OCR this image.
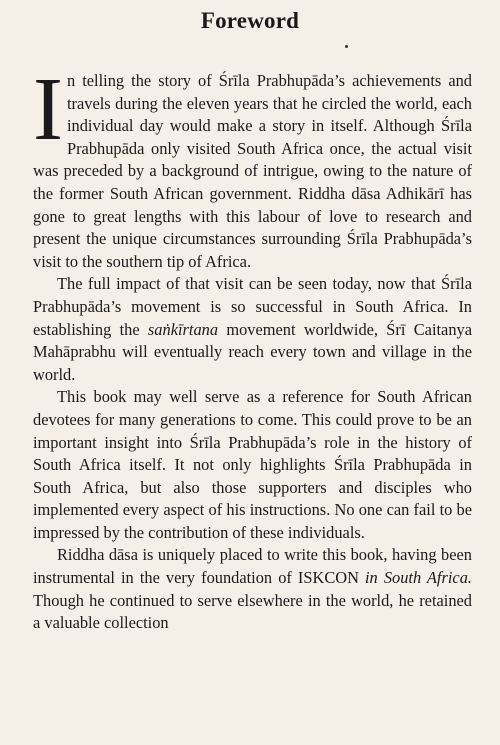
Foreword

In telling the story of Śrīla Prabhupāda’s achievements and travels during the eleven years that he circled the world, each individual day would make a story in itself. Although Śrīla Prabhupāda only visited South Africa once, the actual visit was preceded by a background of intrigue, owing to the nature of the former South African government. Riddha dāsa Adhikārī has gone to great lengths with this labour of love to research and present the unique circumstances surrounding Śrīla Prabhupāda’s visit to the southern tip of Africa.

The full impact of that visit can be seen today, now that Śrīla Prabhupāda’s movement is so successful in South Africa. In establishing the saṅkīrtana movement worldwide, Śrī Caitanya Mahāprabhu will eventually reach every town and village in the world.

This book may well serve as a reference for South African devotees for many generations to come. This could prove to be an important insight into Śrīla Prabhupāda’s role in the history of South Africa itself. It not only highlights Śrīla Prabhupāda in South Africa, but also those supporters and disciples who implemented every aspect of his instructions. No one can fail to be impressed by the contribution of these individuals.

Riddha dāsa is uniquely placed to write this book, having been instrumental in the very foundation of ISKCON in South Africa. Though he continued to serve elsewhere in the world, he retained a valuable collection
